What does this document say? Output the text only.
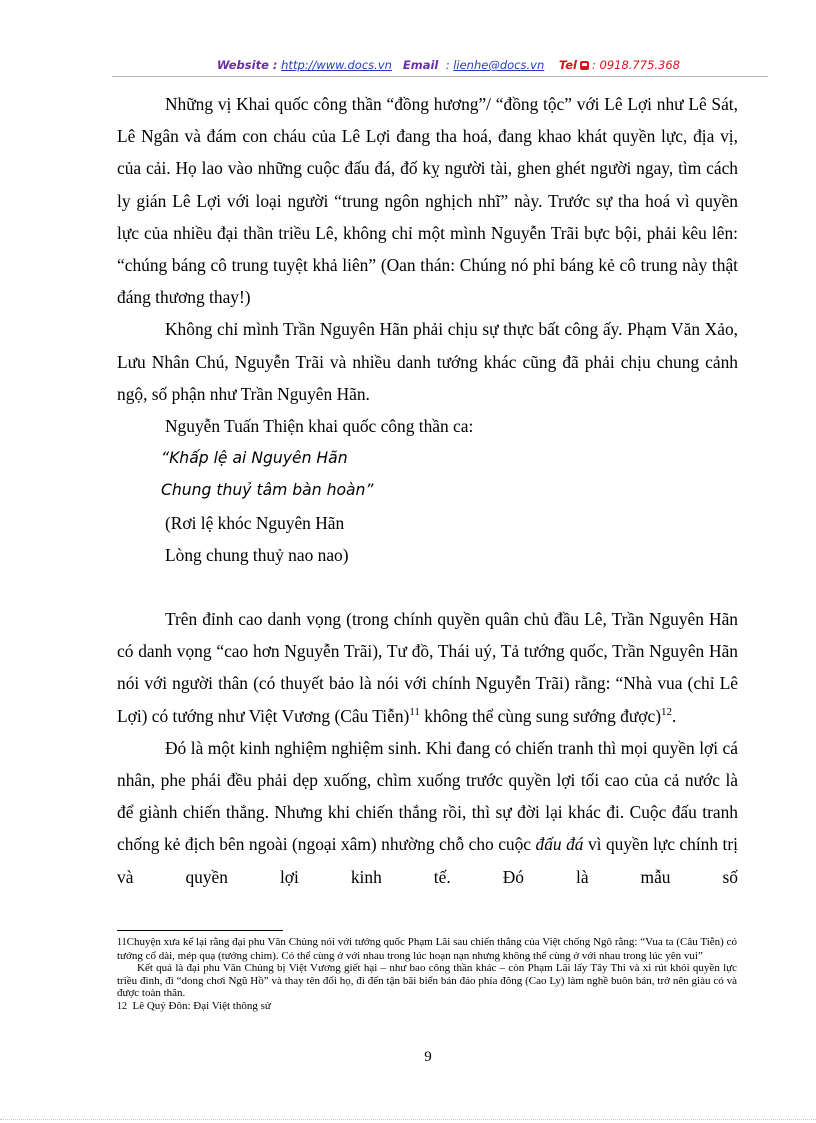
Website : http://www.docs.vn Email : lienhe@docs.vn Tel : 0918.775.368

Những vị Khai quốc công thần “đồng hương”/ “đồng tộc” với Lê Lợi như Lê Sát, Lê Ngân và đám con cháu của Lê Lợi đang tha hoá, đang khao khát quyền lực, địa vị, của cải. Họ lao vào những cuộc đấu đá, đố kỵ người tài, ghen ghét người ngay, tìm cách ly gián Lê Lợi với loại người “trung ngôn nghịch nhĩ” này. Trước sự tha hoá vì quyền lực của nhiều đại thần triều Lê, không chỉ một mình Nguyễn Trãi bực bội, phải kêu lên: “chúng báng cô trung tuyệt khả liên” (Oan thán: Chúng nó phỉ báng kẻ cô trung này thật đáng thương thay!)

Không chỉ mình Trần Nguyên Hãn phải chịu sự thực bất công ấy. Phạm Văn Xảo, Lưu Nhân Chú, Nguyễn Trãi và nhiều danh tướng khác cũng đã phải chịu chung cảnh ngộ, số phận như Trần Nguyên Hãn.

Nguyễn Tuấn Thiện khai quốc công thần ca:

“Khấp lệ ai Nguyên Hãn

Chung thuỷ tâm bàn hoàn”

(Rơi lệ khóc Nguyên Hãn

Lòng chung thuỷ nao nao)

Trên đỉnh cao danh vọng (trong chính quyền quân chủ đầu Lê, Trần Nguyên Hãn có danh vọng “cao hơn Nguyễn Trãi), Tư đồ, Thái uý, Tả tướng quốc, Trần Nguyên Hãn nói với người thân (có thuyết bảo là nói với chính Nguyễn Trãi) rằng: “Nhà vua (chỉ Lê Lợi) có tướng như Việt Vương (Câu Tiễn)$^{11}$ không thể cùng sung sướng được)$^{12}$.

Đó là một kinh nghiệm nghiệm sinh. Khi đang có chiến tranh thì mọi quyền lợi cá nhân, phe phái đều phải dẹp xuống, chìm xuống trước quyền lợi tối cao của cả nước là để giành chiến thắng. Nhưng khi chiến thắng rồi, thì sự đời lại khác đi. Cuộc đấu tranh chống kẻ địch bên ngoài (ngoại xâm) nhường chỗ cho cuộc đấu đá vì quyền lực chính trị và quyền lợi kinh tế. Đó là mẫu số

11Chuyện xưa kể lại rằng đại phu Văn Chủng nói với tướng quốc Phạm Lãi sau chiến thắng của Việt chống Ngô rằng: “Vua ta (Câu Tiễn) có tướng cổ dài, mép quạ (tướng chim). Có thể cùng ở với nhau trong lúc hoạn nạn nhưng không thể cùng ở với nhau trong lúc yên vui”

Kết quả là đại phu Văn Chủng bị Việt Vương giết hại – như bao công thần khác – còn Phạm Lãi lấy Tây Thi và xi rút khỏi quyền lực triều đình, đi “dong chơi Ngũ Hồ” và thay tên đổi họ, đi đến tận bãi biển bán đảo phía đông (Cao Ly) làm nghề buôn bán, trở nên giàu có và được toàn thân.

12 Lê Quý Đôn: Đại Việt thông sử

9
